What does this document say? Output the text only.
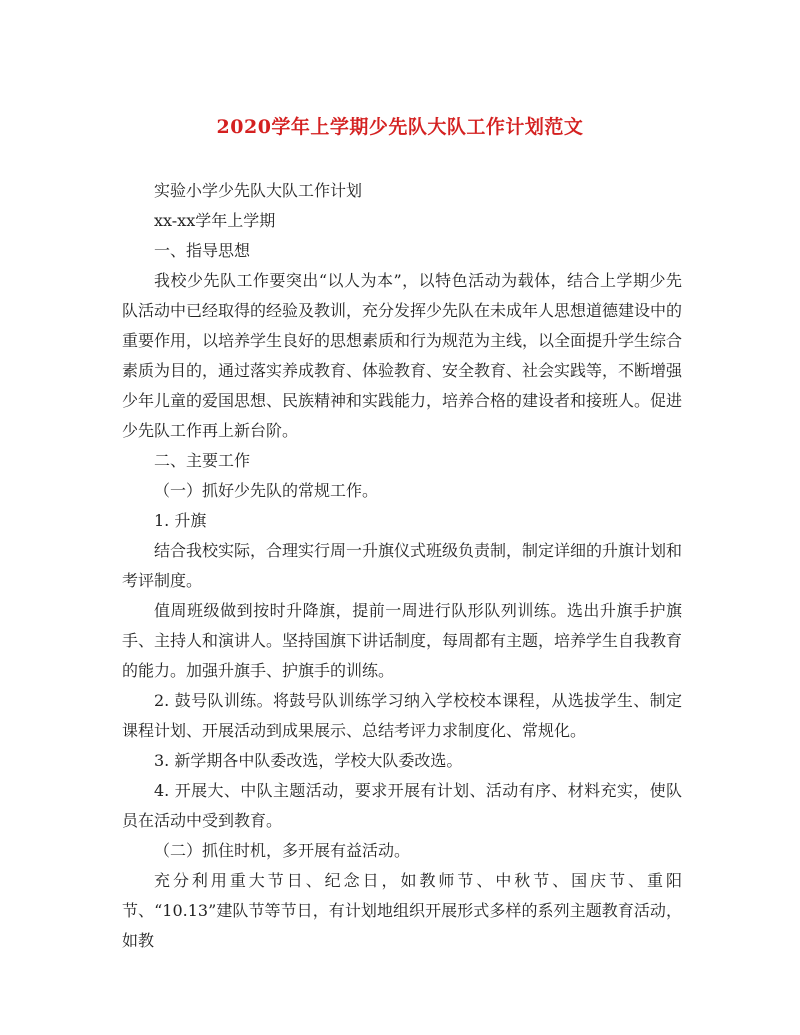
2020学年上学期少先队大队工作计划范文

实验小学少先队大队工作计划

xx-xx学年上学期

一、指导思想

我校少先队工作要突出“以人为本”，以特色活动为载体，结合上学期少先队活动中已经取得的经验及教训，充分发挥少先队在未成年人思想道德建设中的重要作用，以培养学生良好的思想素质和行为规范为主线，以全面提升学生综合素质为目的，通过落实养成教育、体验教育、安全教育、社会实践等，不断增强少年儿童的爱国思想、民族精神和实践能力，培养合格的建设者和接班人。促进少先队工作再上新台阶。

二、主要工作

（一）抓好少先队的常规工作。

1. 升旗

结合我校实际，合理实行周一升旗仪式班级负责制，制定详细的升旗计划和考评制度。

值周班级做到按时升降旗，提前一周进行队形队列训练。选出升旗手护旗手、主持人和演讲人。坚持国旗下讲话制度，每周都有主题，培养学生自我教育的能力。加强升旗手、护旗手的训练。

2. 鼓号队训练。将鼓号队训练学习纳入学校校本课程，从选拔学生、制定课程计划、开展活动到成果展示、总结考评力求制度化、常规化。

3. 新学期各中队委改选，学校大队委改选。

4. 开展大、中队主题活动，要求开展有计划、活动有序、材料充实，使队员在活动中受到教育。

（二）抓住时机，多开展有益活动。

充分利用重大节日、纪念日，如教师节、中秋节、国庆节、重阳节、“10.13”建队节等节日，有计划地组织开展形式多样的系列主题教育活动，如教
